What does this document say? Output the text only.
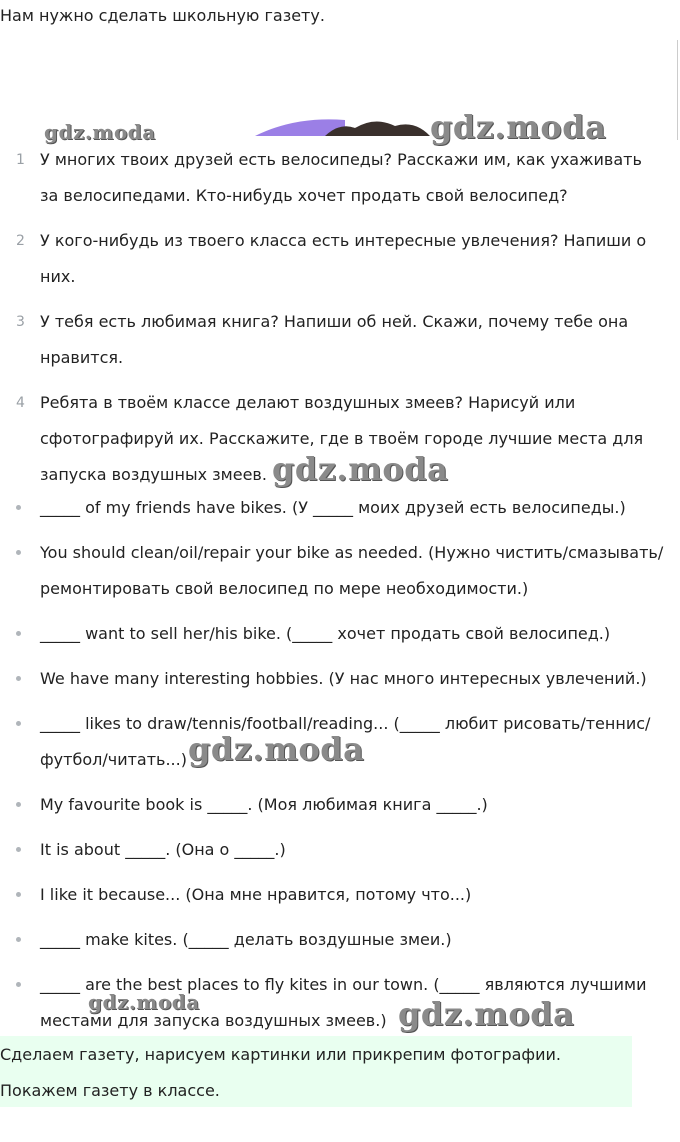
Нам нужно сделать школьную газету.
gdz.moda	gdz.moda
1 У многих твоих друзей есть велосипеды? Расскажи им, как ухаживать за велосипедами. Кто-нибудь хочет продать свой велосипед?
2 У кого-нибудь из твоего класса есть интересные увлечения? Напиши о них.
3 У тебя есть любимая книга? Напиши об ней. Скажи, почему тебе она нравится.
4 Ребята в твоём классе делают воздушных змеев? Нарисуй или сфотографируй их. Расскажите, где в твоём городе лучшие места для запуска воздушных змеев. gdz.moda
_____ of my friends have bikes. (У _____ моих друзей есть велосипеды.)
You should clean/oil/repair your bike as needed. (Нужно чистить/смазывать/ремонтировать свой велосипед по мере необходимости.)
_____ want to sell her/his bike. (_____ хочет продать свой велосипед.)
We have many interesting hobbies. (У нас много интересных увлечений.)
_____ likes to draw/tennis/football/reading... (_____ любит рисовать/теннис/футбол/читать...)
My favourite book is _____. (Моя любимая книга _____.)
It is about _____. (Она о _____.)
I like it because... (Она мне нравится, потому что...)
_____ make kites. (_____ делать воздушные змеи.)
_____ are the best places to fly kites in our town. (_____ являются лучшими местами для запуска воздушных змеев.)
gdz.moda
gdz.moda	gdz.moda
Сделаем газету, нарисуем картинки или прикрепим фотографии.
Покажем газету в классе.
